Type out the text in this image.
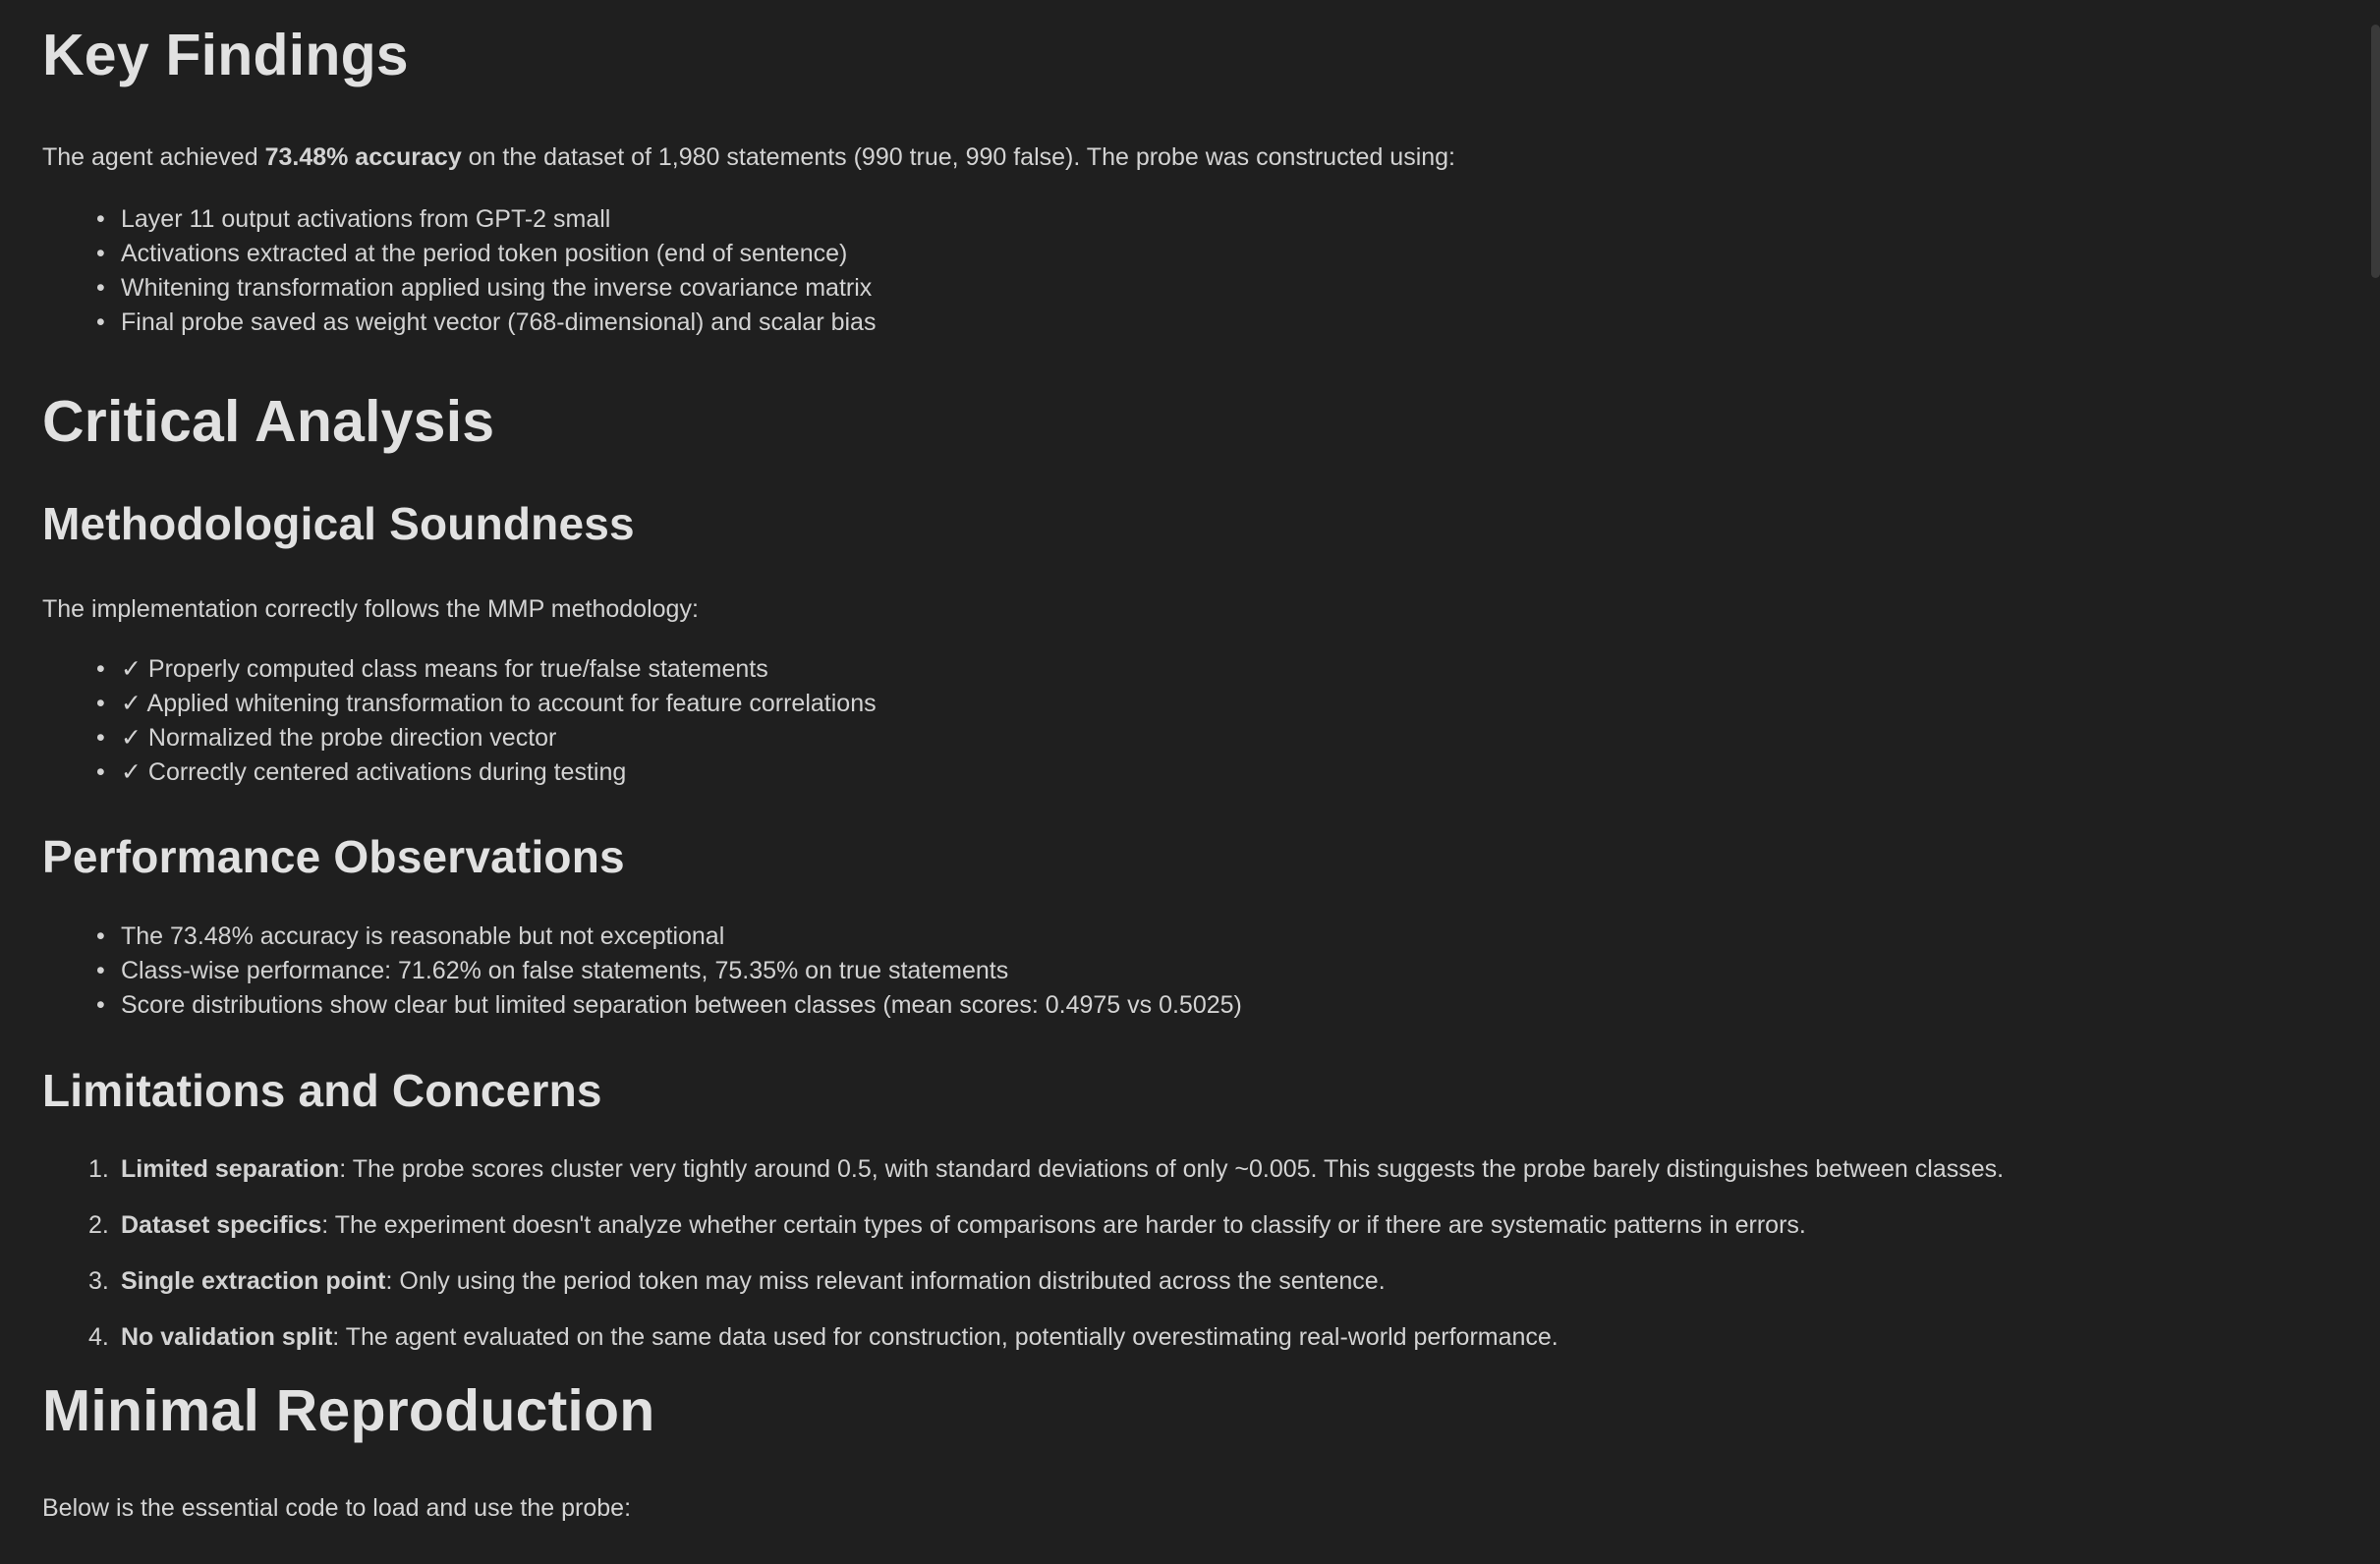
Key Findings

The agent achieved 73.48% accuracy on the dataset of 1,980 statements (990 true, 990 false). The probe was constructed using:

• Layer 11 output activations from GPT-2 small
• Activations extracted at the period token position (end of sentence)
• Whitening transformation applied using the inverse covariance matrix
• Final probe saved as weight vector (768-dimensional) and scalar bias
Critical Analysis
Methodological Soundness

The implementation correctly follows the MMP methodology:

• ✓ Properly computed class means for true/false statements
• ✓ Applied whitening transformation to account for feature correlations
• ✓ Normalized the probe direction vector
• ✓ Correctly centered activations during testing
Performance Observations
• The 73.48% accuracy is reasonable but not exceptional
• Class-wise performance: 71.62% on false statements, 75.35% on true statements
• Score distributions show clear but limited separation between classes (mean scores: 0.4975 vs 0.5025)
Limitations and Concerns
Limited separation: The probe scores cluster very tightly around 0.5, with standard deviations of only ~0.005. This suggests the probe barely distinguishes between classes.
Dataset specifics: The experiment doesn't analyze whether certain types of comparisons are harder to classify or if there are systematic patterns in errors.
Single extraction point: Only using the period token may miss relevant information distributed across the sentence.
No validation split: The agent evaluated on the same data used for construction, potentially overestimating real-world performance.
Minimal Reproduction

Below is the essential code to load and use the probe:
